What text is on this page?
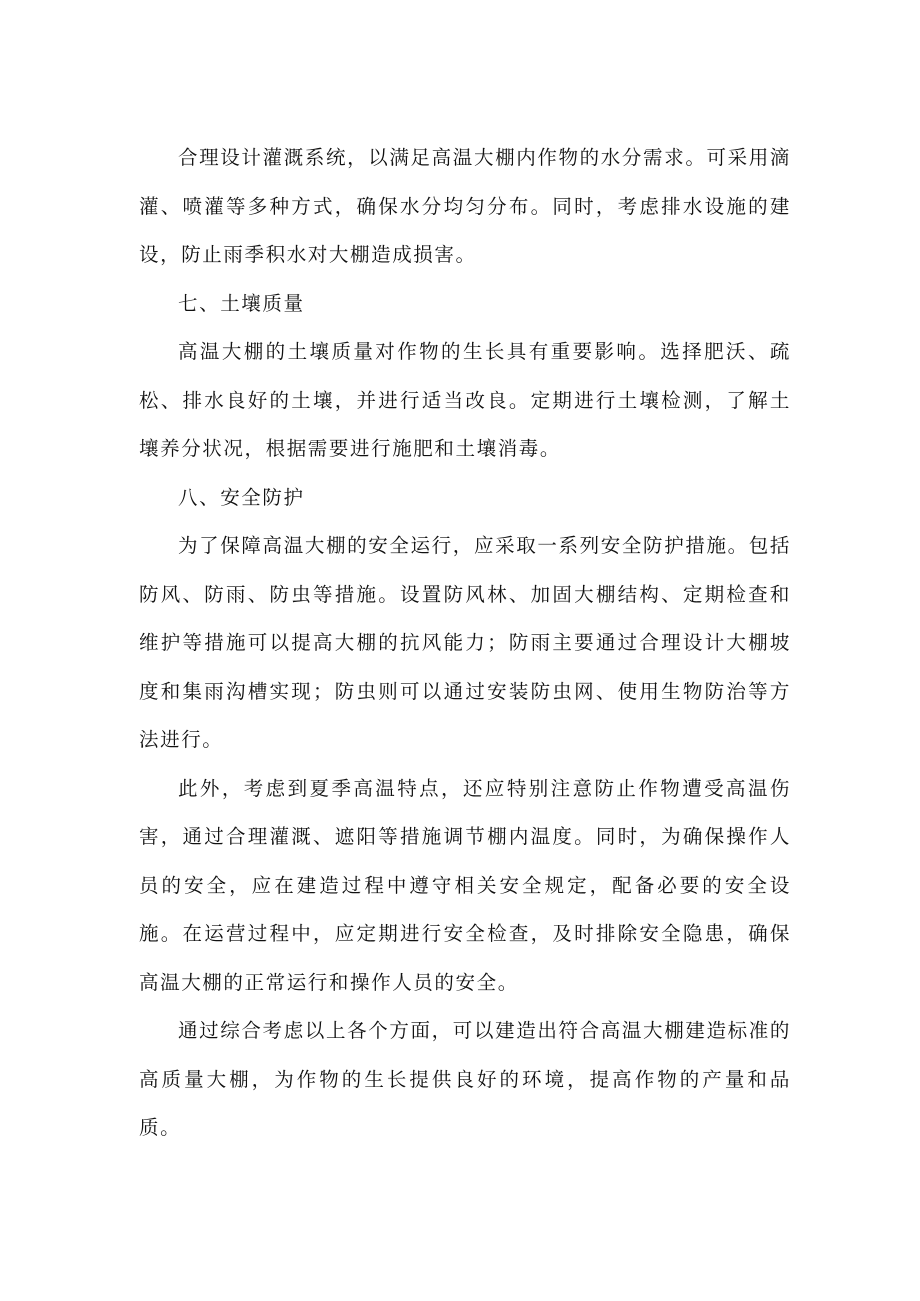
合理设计灌溉系统，以满足高温大棚内作物的水分需求。可采用滴灌、喷灌等多种方式，确保水分均匀分布。同时，考虑排水设施的建设，防止雨季积水对大棚造成损害。

七、土壤质量

高温大棚的土壤质量对作物的生长具有重要影响。选择肥沃、疏松、排水良好的土壤，并进行适当改良。定期进行土壤检测，了解土壤养分状况，根据需要进行施肥和土壤消毒。

八、安全防护

为了保障高温大棚的安全运行，应采取一系列安全防护措施。包括防风、防雨、防虫等措施。设置防风林、加固大棚结构、定期检查和维护等措施可以提高大棚的抗风能力；防雨主要通过合理设计大棚坡度和集雨沟槽实现；防虫则可以通过安装防虫网、使用生物防治等方法进行。

此外，考虑到夏季高温特点，还应特别注意防止作物遭受高温伤害，通过合理灌溉、遮阳等措施调节棚内温度。同时，为确保操作人员的安全，应在建造过程中遵守相关安全规定，配备必要的安全设施。在运营过程中，应定期进行安全检查，及时排除安全隐患，确保高温大棚的正常运行和操作人员的安全。

通过综合考虑以上各个方面，可以建造出符合高温大棚建造标准的高质量大棚，为作物的生长提供良好的环境，提高作物的产量和品质。
